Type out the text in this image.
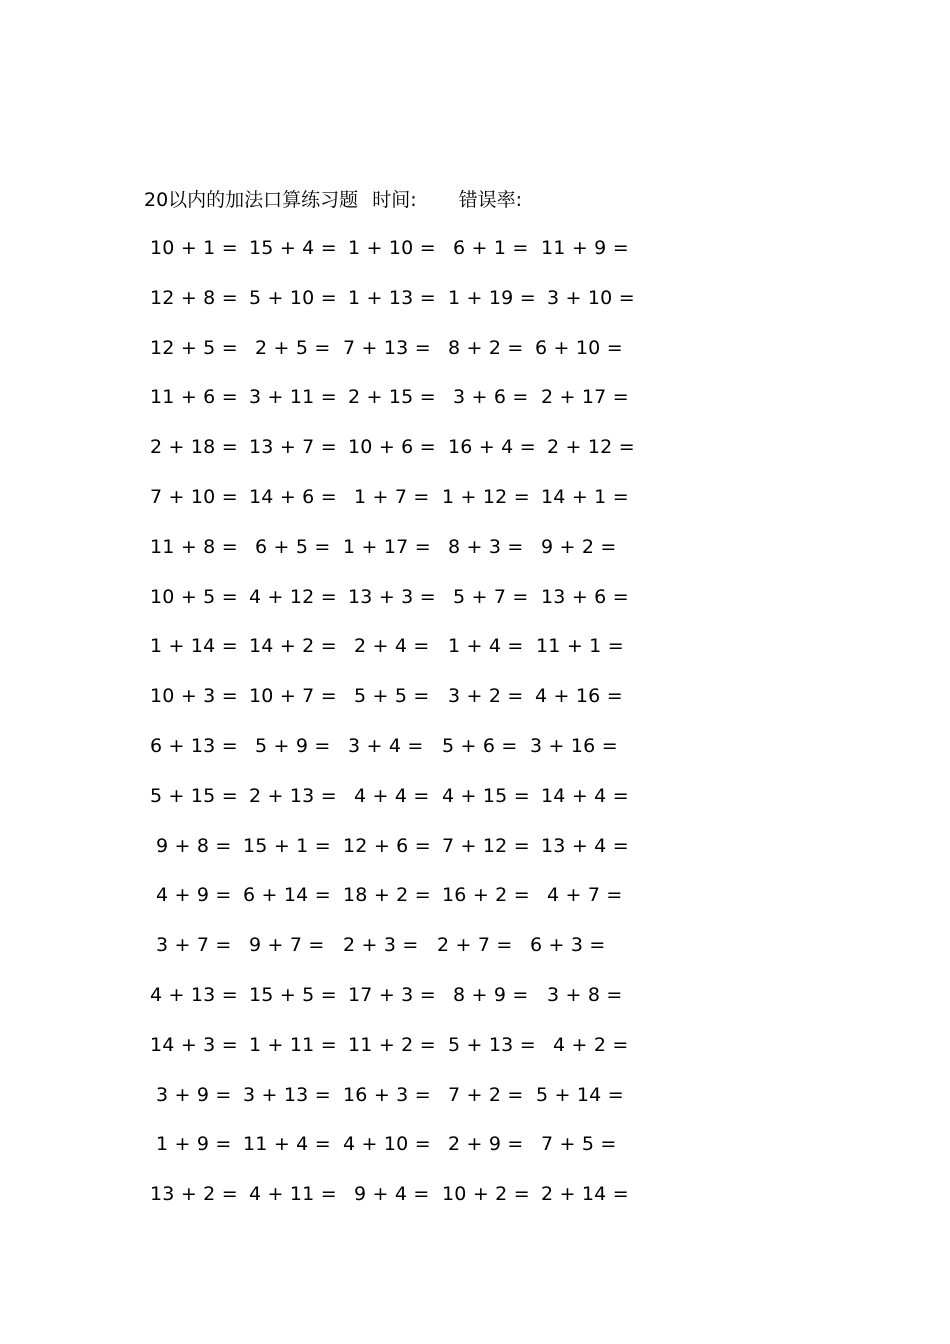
20以内的加法口算练习题 时间: 错误率:
10 + 1 = 15 + 4 = 1 + 10 = 6 + 1 = 11 + 9 =
12 + 8 = 5 + 10 = 1 + 13 = 1 + 19 = 3 + 10 =
12 + 5 = 2 + 5 = 7 + 13 = 8 + 2 = 6 + 10 =
11 + 6 = 3 + 11 = 2 + 15 = 3 + 6 = 2 + 17 =
2 + 18 = 13 + 7 = 10 + 6 = 16 + 4 = 2 + 12 =
7 + 10 = 14 + 6 = 1 + 7 = 1 + 12 = 14 + 1 =
11 + 8 = 6 + 5 = 1 + 17 = 8 + 3 = 9 + 2 =
10 + 5 = 4 + 12 = 13 + 3 = 5 + 7 = 13 + 6 =
1 + 14 = 14 + 2 = 2 + 4 = 1 + 4 = 11 + 1 =
10 + 3 = 10 + 7 = 5 + 5 = 3 + 2 = 4 + 16 =
6 + 13 = 5 + 9 = 3 + 4 = 5 + 6 = 3 + 16 =
5 + 15 = 2 + 13 = 4 + 4 = 4 + 15 = 14 + 4 =
9 + 8 = 15 + 1 = 12 + 6 = 7 + 12 = 13 + 4 =
4 + 9 = 6 + 14 = 18 + 2 = 16 + 2 = 4 + 7 =
3 + 7 = 9 + 7 = 2 + 3 = 2 + 7 = 6 + 3 =
4 + 13 = 15 + 5 = 17 + 3 = 8 + 9 = 3 + 8 =
14 + 3 = 1 + 11 = 11 + 2 = 5 + 13 = 4 + 2 =
3 + 9 = 3 + 13 = 16 + 3 = 7 + 2 = 5 + 14 =
1 + 9 = 11 + 4 = 4 + 10 = 2 + 9 = 7 + 5 =
13 + 2 = 4 + 11 = 9 + 4 = 10 + 2 = 2 + 14 =
